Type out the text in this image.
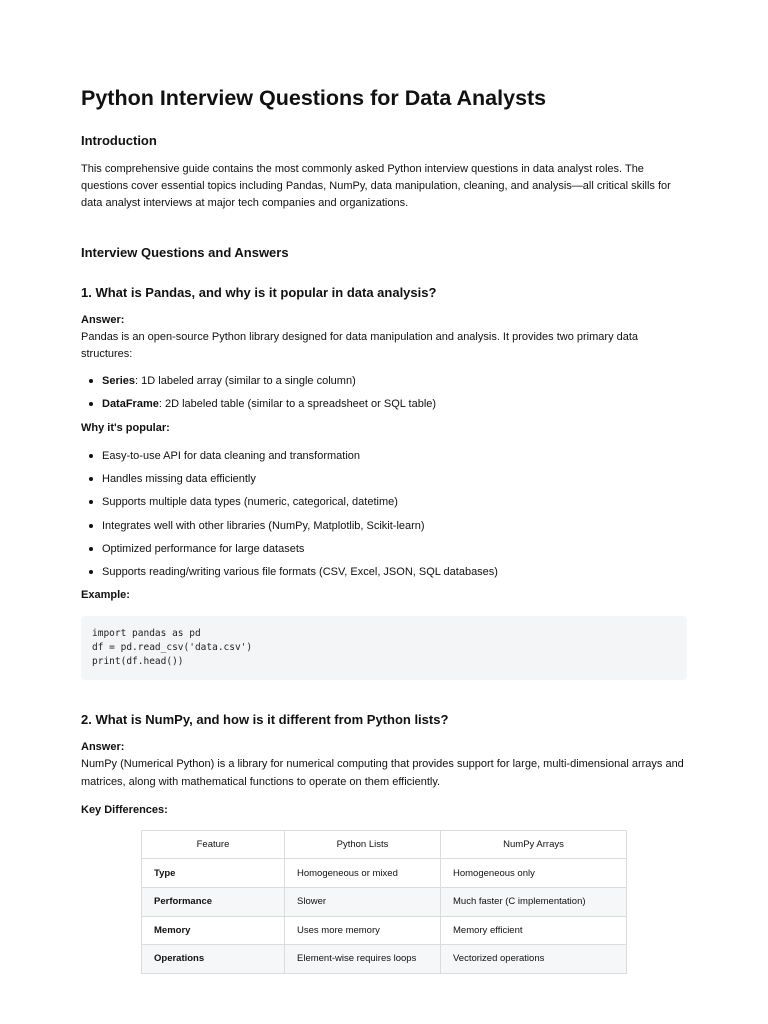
Python Interview Questions for Data Analysts
Introduction

This comprehensive guide contains the most commonly asked Python interview questions in data analyst roles. The questions cover essential topics including Pandas, NumPy, data manipulation, cleaning, and analysis—all critical skills for data analyst interviews at major tech companies and organizations.

Interview Questions and Answers
1. What is Pandas, and why is it popular in data analysis?
Answer:

Pandas is an open-source Python library designed for data manipulation and analysis. It provides two primary data structures:

Series: 1D labeled array (similar to a single column)
DataFrame: 2D labeled table (similar to a spreadsheet or SQL table)
Why it's popular:
Easy-to-use API for data cleaning and transformation
Handles missing data efficiently
Supports multiple data types (numeric, categorical, datetime)
Integrates well with other libraries (NumPy, Matplotlib, Scikit-learn)
Optimized performance for large datasets
Supports reading/writing various file formats (CSV, Excel, JSON, SQL databases)
Example:
import pandas as pd
df = pd.read_csv('data.csv')
print(df.head())
2. What is NumPy, and how is it different from Python lists?
Answer:

NumPy (Numerical Python) is a library for numerical computing that provides support for large, multi-dimensional arrays and matrices, along with mathematical functions to operate on them efficiently.

Key Differences:
Feature	Python Lists	NumPy Arrays
Type	Homogeneous or mixed	Homogeneous only
Performance	Slower	Much faster (C implementation)
Memory	Uses more memory	Memory efficient
Operations	Element-wise requires loops	Vectorized operations
